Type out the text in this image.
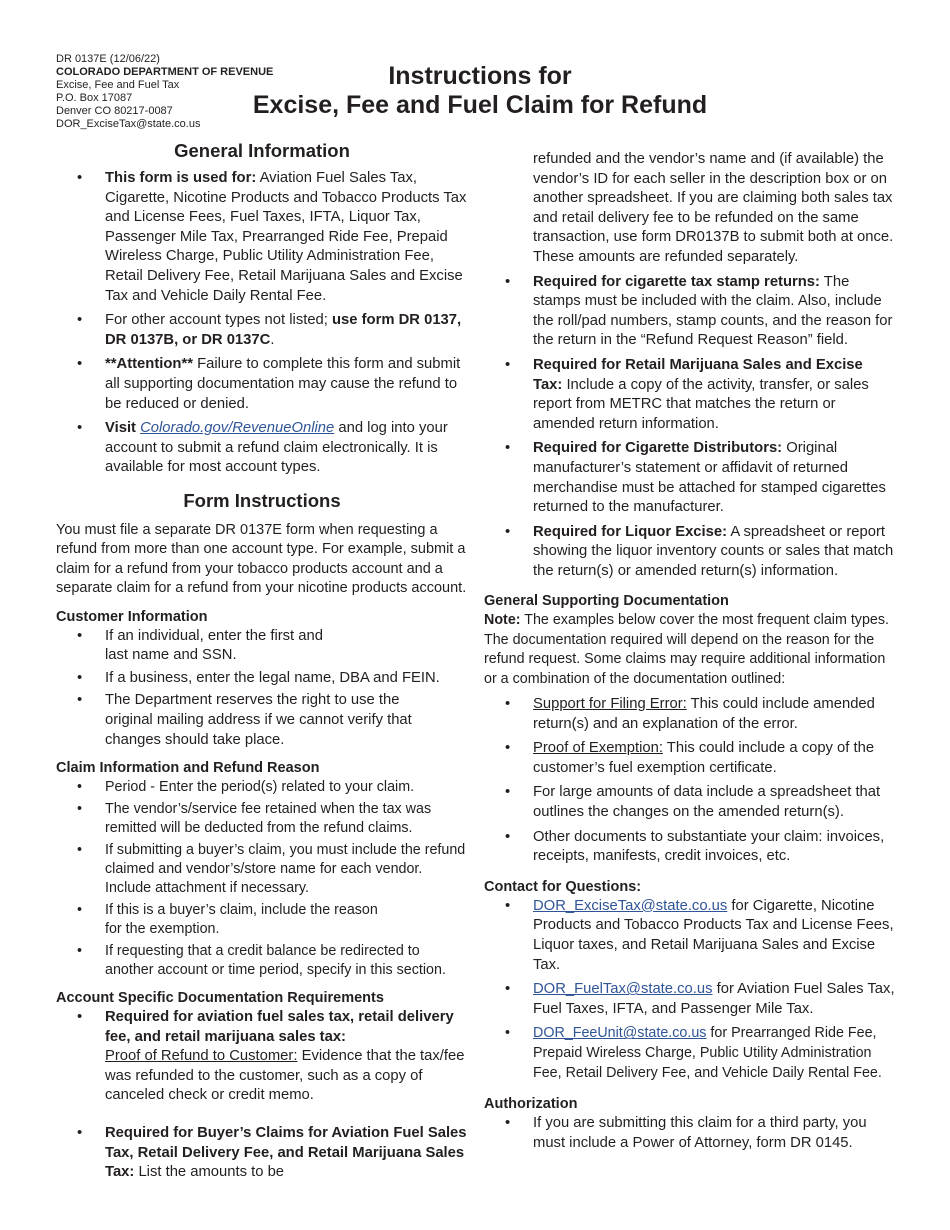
DR 0137E (12/06/22)
COLORADO DEPARTMENT OF REVENUE
Excise, Fee and Fuel Tax
P.O. Box 17087
Denver CO 80217-0087
DOR_ExciseTax@state.co.us
Instructions for
Excise, Fee and Fuel Claim for Refund
General Information
• This form is used for: Aviation Fuel Sales Tax, Cigarette, Nicotine Products and Tobacco Products Tax and License Fees, Fuel Taxes, IFTA, Liquor Tax, Passenger Mile Tax, Prearranged Ride Fee, Prepaid Wireless Charge, Public Utility Administration Fee, Retail Delivery Fee, Retail Marijuana Sales and Excise Tax and Vehicle Daily Rental Fee.
• For other account types not listed; use form DR 0137, DR 0137B, or DR 0137C.
• **Attention** Failure to complete this form and submit all supporting documentation may cause the refund to be reduced or denied.
• Visit Colorado.gov/RevenueOnline and log into your account to submit a refund claim electronically. It is available for most account types.
Form Instructions

You must file a separate DR 0137E form when requesting a refund from more than one account type. For example, submit a claim for a refund from your tobacco products account and a separate claim for a refund from your nicotine products account.

Customer Information
• If an individual, enter the first and last name and SSN.
• If a business, enter the legal name, DBA and FEIN.
• The Department reserves the right to use the original mailing address if we cannot verify that changes should take place.
Claim Information and Refund Reason
• Period - Enter the period(s) related to your claim.
• The vendor’s/service fee retained when the tax was remitted will be deducted from the refund claims.
• If submitting a buyer’s claim, you must include the refund claimed and vendor’s/store name for each vendor. Include attachment if necessary.
• If this is a buyer’s claim, include the reason for the exemption.
• If requesting that a credit balance be redirected to another account or time period, specify in this section.
Account Specific Documentation Requirements
• Required for aviation fuel sales tax, retail delivery fee, and retail marijuana sales tax:
Proof of Refund to Customer: Evidence that the tax/fee was refunded to the customer, such as a copy of canceled check or credit memo.
• Required for Buyer’s Claims for Aviation Fuel Sales Tax, Retail Delivery Fee, and Retail Marijuana Sales Tax: List the amounts to be
refunded and the vendor’s name and (if available) the vendor’s ID for each seller in the description box or on another spreadsheet. If you are claiming both sales tax and retail delivery fee to be refunded on the same transaction, use form DR0137B to submit both at once. These amounts are refunded separately.
• Required for cigarette tax stamp returns: The stamps must be included with the claim. Also, include the roll/pad numbers, stamp counts, and the reason for the return in the “Refund Request Reason” field.
• Required for Retail Marijuana Sales and Excise Tax: Include a copy of the activity, transfer, or sales report from METRC that matches the return or amended return information.
• Required for Cigarette Distributors: Original manufacturer’s statement or affidavit of returned merchandise must be attached for stamped cigarettes returned to the manufacturer.
• Required for Liquor Excise: A spreadsheet or report showing the liquor inventory counts or sales that match the return(s) or amended return(s) information.
General Supporting Documentation

Note: The examples below cover the most frequent claim types. The documentation required will depend on the reason for the refund request. Some claims may require additional information or a combination of the documentation outlined:

• Support for Filing Error: This could include amended return(s) and an explanation of the error.
• Proof of Exemption: This could include a copy of the customer’s fuel exemption certificate.
• For large amounts of data include a spreadsheet that outlines the changes on the amended return(s).
• Other documents to substantiate your claim: invoices, receipts, manifests, credit invoices, etc.
Contact for Questions:
• DOR_ExciseTax@state.co.us for Cigarette, Nicotine Products and Tobacco Products Tax and License Fees, Liquor taxes, and Retail Marijuana Sales and Excise Tax.
• DOR_FuelTax@state.co.us for Aviation Fuel Sales Tax, Fuel Taxes, IFTA, and Passenger Mile Tax.
• DOR_FeeUnit@state.co.us for Prearranged Ride Fee, Prepaid Wireless Charge, Public Utility Administration Fee, Retail Delivery Fee, and Vehicle Daily Rental Fee.
Authorization
• If you are submitting this claim for a third party, you must include a Power of Attorney, form DR 0145.
